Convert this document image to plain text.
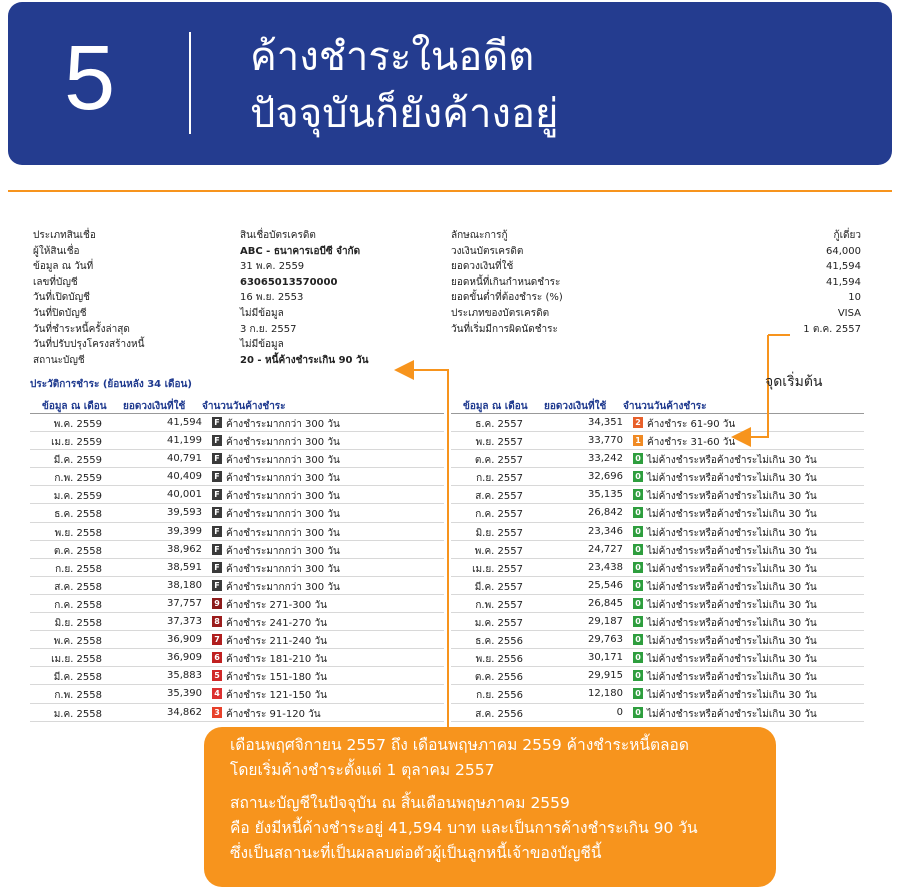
5	ค้างชำระในอดีต
ปัจจุบันก็ยังค้างอยู่
ประเภทสินเชื่อ	สินเชื่อบัตรเครดิต
ผู้ให้สินเชื่อ	ABC - ธนาคารเอบีซี จำกัด
ข้อมูล ณ วันที่	31 พ.ค. 2559
เลขที่บัญชี	63065013570000
วันที่เปิดบัญชี	16 พ.ย. 2553
วันที่ปิดบัญชี	ไม่มีข้อมูล
วันที่ชำระหนี้ครั้งล่าสุด	3 ก.ย. 2557
วันที่ปรับปรุงโครงสร้างหนี้	ไม่มีข้อมูล
สถานะบัญชี	20 - หนี้ค้างชำระเกิน 90 วัน
ลักษณะการกู้	กู้เดี่ยว
วงเงินบัตรเครดิต	64,000
ยอดวงเงินที่ใช้	41,594
ยอดหนี้ที่เกินกำหนดชำระ	41,594
ยอดขั้นต่ำที่ต้องชำระ (%)	10
ประเภทของบัตรเครดิต	VISA
วันที่เริ่มมีการผิดนัดชำระ	1 ต.ค. 2557
ประวัติการชำระ (ย้อนหลัง 34 เดือน)
ข้อมูล ณ เดือน ยอดวงเงินที่ใช้ จำนวนวันค้างชำระ
พ.ค. 2559	41,594 F ค้างชำระมากกว่า 300 วัน
เม.ย. 2559	41,199 F ค้างชำระมากกว่า 300 วัน
มี.ค. 2559	40,791 F ค้างชำระมากกว่า 300 วัน
ก.พ. 2559	40,409 F ค้างชำระมากกว่า 300 วัน
ม.ค. 2559	40,001 F ค้างชำระมากกว่า 300 วัน
ธ.ค. 2558	39,593 F ค้างชำระมากกว่า 300 วัน
พ.ย. 2558	39,399 F ค้างชำระมากกว่า 300 วัน
ต.ค. 2558	38,962 F ค้างชำระมากกว่า 300 วัน
ก.ย. 2558	38,591 F ค้างชำระมากกว่า 300 วัน
ส.ค. 2558	38,180 F ค้างชำระมากกว่า 300 วัน
ก.ค. 2558	37,757 9 ค้างชำระ 271-300 วัน
มิ.ย. 2558	37,373 8 ค้างชำระ 241-270 วัน
พ.ค. 2558	36,909 7 ค้างชำระ 211-240 วัน
เม.ย. 2558	36,909 6 ค้างชำระ 181-210 วัน
มี.ค. 2558	35,883 5 ค้างชำระ 151-180 วัน
ก.พ. 2558	35,390 4 ค้างชำระ 121-150 วัน
ม.ค. 2558	34,862 3 ค้างชำระ 91-120 วัน
ข้อมูล ณ เดือน ยอดวงเงินที่ใช้ จำนวนวันค้างชำระ
ธ.ค. 2557	34,351 2 ค้างชำระ 61-90 วัน
พ.ย. 2557	33,770 1 ค้างชำระ 31-60 วัน
ต.ค. 2557	33,242 0 ไม่ค้างชำระหรือค้างชำระไม่เกิน 30 วัน
ก.ย. 2557	32,696 0 ไม่ค้างชำระหรือค้างชำระไม่เกิน 30 วัน
ส.ค. 2557	35,135 0 ไม่ค้างชำระหรือค้างชำระไม่เกิน 30 วัน
ก.ค. 2557	26,842 0 ไม่ค้างชำระหรือค้างชำระไม่เกิน 30 วัน
มิ.ย. 2557	23,346 0 ไม่ค้างชำระหรือค้างชำระไม่เกิน 30 วัน
พ.ค. 2557	24,727 0 ไม่ค้างชำระหรือค้างชำระไม่เกิน 30 วัน
เม.ย. 2557	23,438 0 ไม่ค้างชำระหรือค้างชำระไม่เกิน 30 วัน
มี.ค. 2557	25,546 0 ไม่ค้างชำระหรือค้างชำระไม่เกิน 30 วัน
ก.พ. 2557	26,845 0 ไม่ค้างชำระหรือค้างชำระไม่เกิน 30 วัน
ม.ค. 2557	29,187 0 ไม่ค้างชำระหรือค้างชำระไม่เกิน 30 วัน
ธ.ค. 2556	29,763 0 ไม่ค้างชำระหรือค้างชำระไม่เกิน 30 วัน
พ.ย. 2556	30,171 0 ไม่ค้างชำระหรือค้างชำระไม่เกิน 30 วัน
ต.ค. 2556	29,915 0 ไม่ค้างชำระหรือค้างชำระไม่เกิน 30 วัน
ก.ย. 2556	12,180 0 ไม่ค้างชำระหรือค้างชำระไม่เกิน 30 วัน
ส.ค. 2556	0 0 ไม่ค้างชำระหรือค้างชำระไม่เกิน 30 วัน
จุดเริ่มต้น

เดือนพฤศจิกายน 2557 ถึง เดือนพฤษภาคม 2559 ค้างชำระหนี้ตลอด

โดยเริ่มค้างชำระตั้งแต่ 1 ตุลาคม 2557

สถานะบัญชีในปัจจุบัน ณ สิ้นเดือนพฤษภาคม 2559

คือ ยังมีหนี้ค้างชำระอยู่ 41,594 บาท และเป็นการค้างชำระเกิน 90 วัน

ซึ่งเป็นสถานะที่เป็นผลลบต่อตัวผู้เป็นลูกหนี้เจ้าของบัญชีนี้
